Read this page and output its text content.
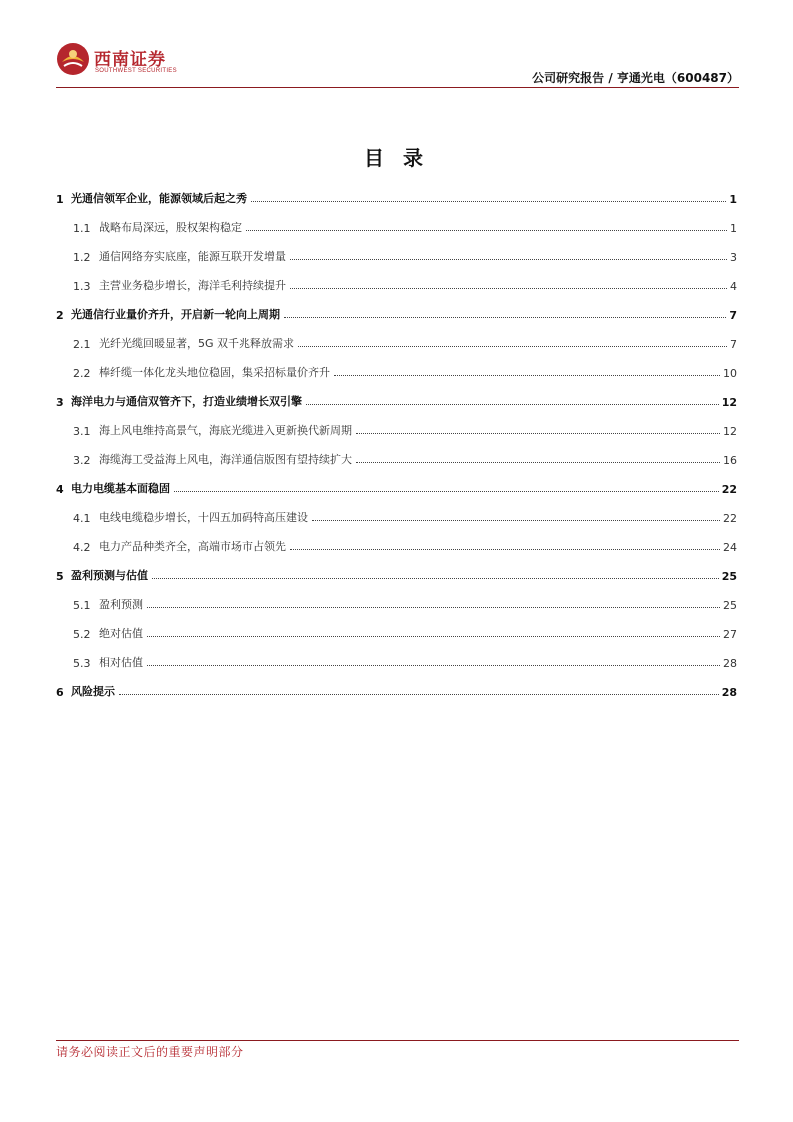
西南证券
SOUTHWEST SECURITIES	公司研究报告 / 亨通光电（600487）
目 录
1 光通信领军企业，能源领域后起之秀	1
1.1 战略布局深远，股权架构稳定	1
1.2 通信网络夯实底座，能源互联开发增量	3
1.3 主营业务稳步增长，海洋毛利持续提升	4
2 光通信行业量价齐升，开启新一轮向上周期	7
2.1 光纤光缆回暖显著，5G 双千兆释放需求	7
2.2 棒纤缆一体化龙头地位稳固，集采招标量价齐升	10
3 海洋电力与通信双管齐下，打造业绩增长双引擎	12
3.1 海上风电维持高景气，海底光缆进入更新换代新周期	12
3.2 海缆海工受益海上风电，海洋通信版图有望持续扩大	16
4 电力电缆基本面稳固	22
4.1 电线电缆稳步增长，十四五加码特高压建设	22
4.2 电力产品种类齐全，高端市场市占领先	24
5 盈利预测与估值	25
5.1 盈利预测	25
5.2 绝对估值	27
5.3 相对估值	28
6 风险提示	28
请务必阅读正文后的重要声明部分
